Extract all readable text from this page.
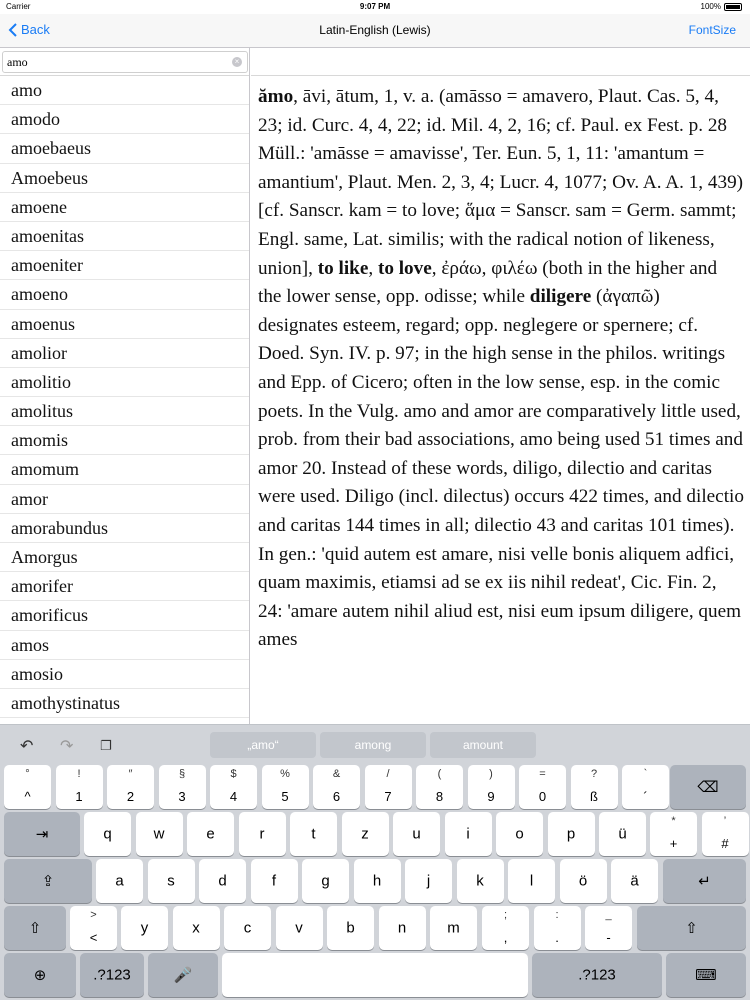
Carrier	9:07 PM	100%
Back	Latin-English (Lewis)	FontSize
amo
×
amo
amodo
amoebaeus
Amoebeus
amoene
amoenitas
amoeniter
amoeno
amoenus
amolior
amolitio
amolitus
amomis
amomum
amor
amorabundus
Amorgus
amorifer
amorificus
amos
amosio
amothystinatus
ămo, āvi, ātum, 1, v. a. (amāsso = amavero, Plaut. Cas. 5, 4, 23; id. Curc. 4, 4, 22; id. Mil. 4, 2, 16; cf. Paul. ex Fest. p. 28 Müll.: 'amāsse = amavisse', Ter. Eun. 5, 1, 11: 'amantum = amantium', Plaut. Men. 2, 3, 4; Lucr. 4, 1077; Ov. A. A. 1, 439) [cf. Sanscr. kam = to love; ἅμα = Sanscr. sam = Germ. sammt; Engl. same, Lat. similis; with the radical notion of likeness, union], to like, to love, ἐράω, φιλέω (both in the higher and the lower sense, opp. odisse; while diligere (ἀγαπῶ) designates esteem, regard; opp. neglegere or spernere; cf. Doed. Syn. IV. p. 97; in the high sense in the philos. writings and Epp. of Cicero; often in the low sense, esp. in the comic poets. In the Vulg. amo and amor are comparatively little used, prob. from their bad associations, amo being used 51 times and amor 20. Instead of these words, diligo, dilectio and caritas were used. Diligo (incl. dilectus) occurs 422 times, and dilectio and caritas 144 times in all; dilectio 43 and caritas 101 times). In gen.: 'quid autem est amare, nisi velle bonis aliquem adfici, quam maximis, etiamsi ad se ex iis nihil redeat', Cic. Fin. 2, 24: 'amare autem nihil aliud est, nisi eum ipsum diligere, quem ames
↶ ↷ ❐	„amo“	among	amount
°
^
!
1
″
2
§
3
$
4
%
5
&
6
/
7
(
8
)
9
=
0
?
ß
`
´
⌫
⇥	q	w	e	r	t	z	u	i	o	p	ü
*
+
’
#
⇪	a	s	d	f	g	h	j	k	l	ö	ä	↵
⇧
>
<
y	x	c	v	b	n	m
;
,
:
.
_
-
⇧
⊕	.?123	🎤	.?123	⌨
